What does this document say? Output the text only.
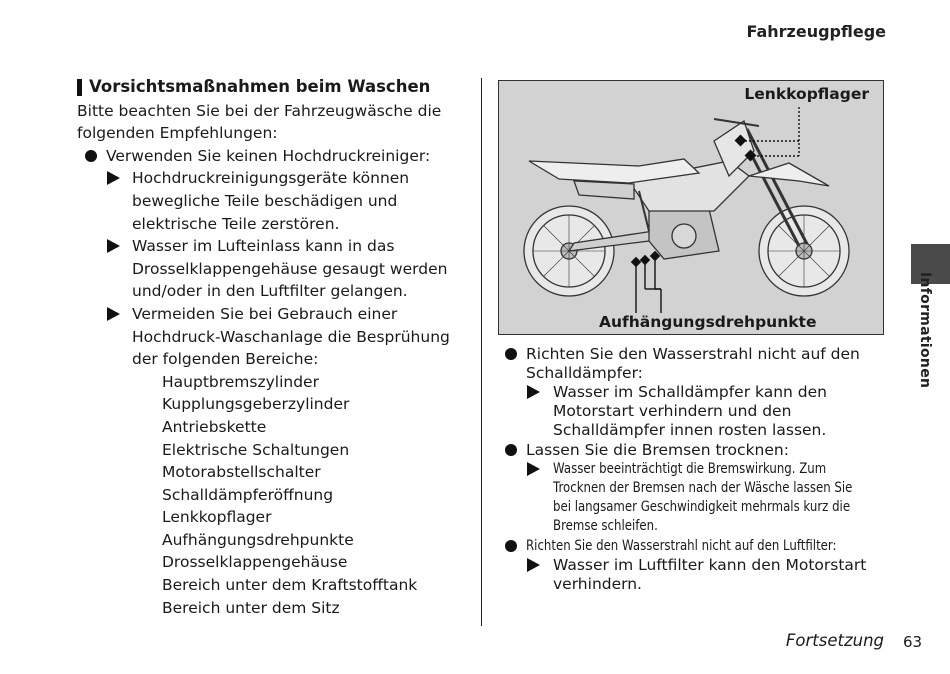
Fahrzeugpflege
Vorsichtsmaßnahmen beim Waschen
Bitte beachten Sie bei der Fahrzeugwäsche die
folgenden Empfehlungen:
Verwenden Sie keinen Hochdruckreiniger:
Hochdruckreinigungsgeräte können
bewegliche Teile beschädigen und
elektrische Teile zerstören.
Wasser im Lufteinlass kann in das
Drosselklappengehäuse gesaugt werden
und/oder in den Luftfilter gelangen.
Vermeiden Sie bei Gebrauch einer
Hochdruck-Waschanlage die Besprühung
der folgenden Bereiche:
Hauptbremszylinder
Kupplungsgeberzylinder
Antriebskette
Elektrische Schaltungen
Motorabstellschalter
Schalldämpferöffnung
Lenkkopflager
Aufhängungsdrehpunkte
Drosselklappengehäuse
Bereich unter dem Kraftstofftank
Bereich unter dem Sitz
Lenkkopflager
Aufhängungsdrehpunkte
Richten Sie den Wasserstrahl nicht auf den
Schalldämpfer:
Wasser im Schalldämpfer kann den
Motorstart verhindern und den
Schalldämpfer innen rosten lassen.
Lassen Sie die Bremsen trocknen:
Wasser beeinträchtigt die Bremswirkung. Zum
Trocknen der Bremsen nach der Wäsche lassen Sie
bei langsamer Geschwindigkeit mehrmals kurz die
Bremse schleifen.
Richten Sie den Wasserstrahl nicht auf den Luftfilter:
Wasser im Luftfilter kann den Motorstart
verhindern.
Informationen
Fortsetzung 63
